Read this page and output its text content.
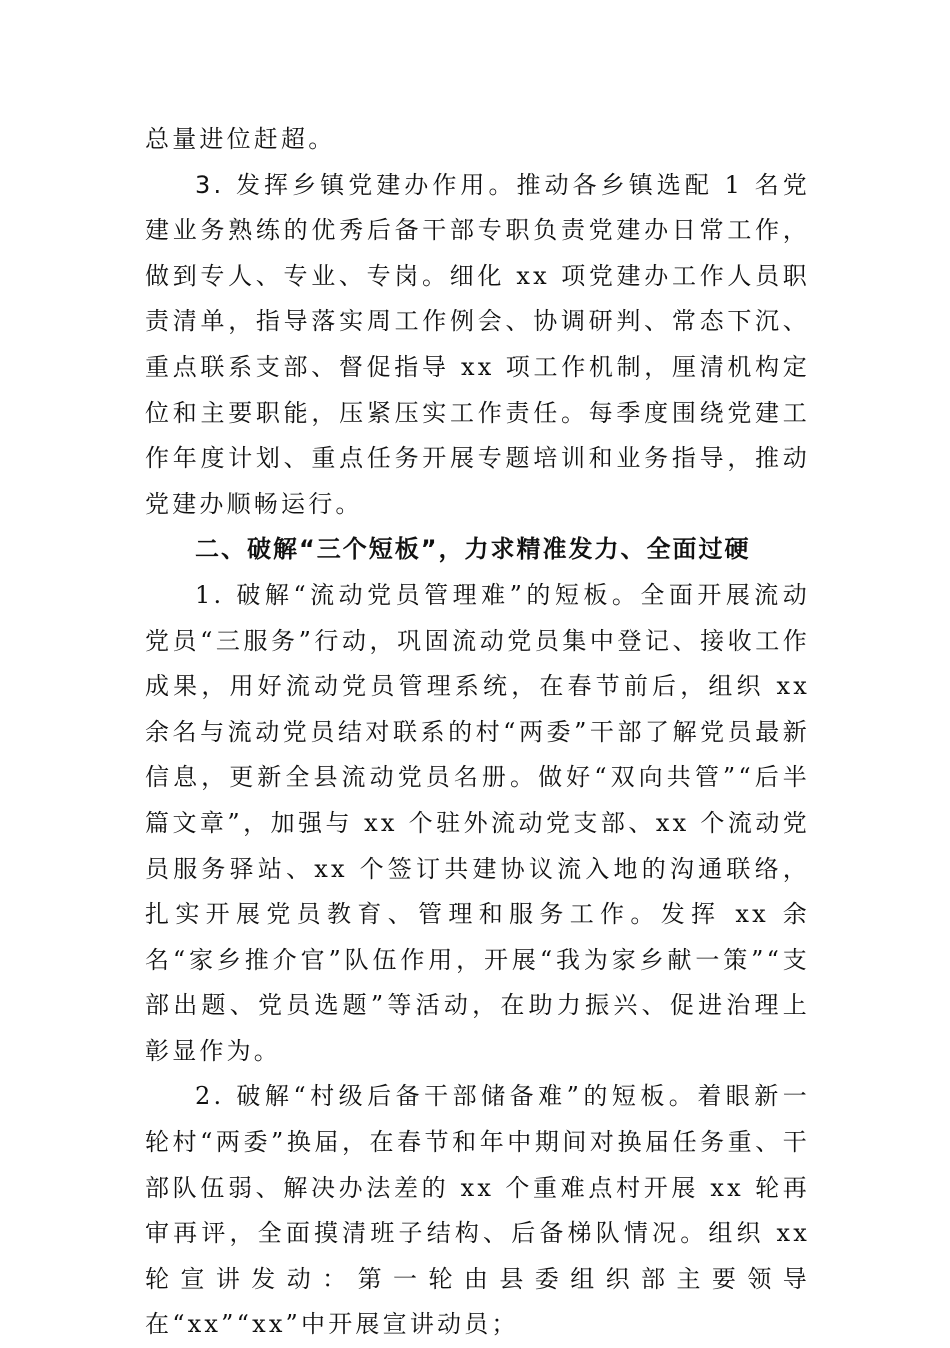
总量进位赶超。

3. 发挥乡镇党建办作用。推动各乡镇选配 1 名党建业务熟练的优秀后备干部专职负责党建办日常工作，做到专人、专业、专岗。细化 xx 项党建办工作人员职责清单，指导落实周工作例会、协调研判、常态下沉、重点联系支部、督促指导 xx 项工作机制，厘清机构定位和主要职能，压紧压实工作责任。每季度围绕党建工作年度计划、重点任务开展专题培训和业务指导，推动党建办顺畅运行。

二、破解“三个短板”，力求精准发力、全面过硬

1. 破解“流动党员管理难”的短板。全面开展流动党员“三服务”行动，巩固流动党员集中登记、接收工作成果，用好流动党员管理系统，在春节前后，组织 xx 余名与流动党员结对联系的村“两委”干部了解党员最新信息，更新全县流动党员名册。做好“双向共管”“后半篇文章”，加强与 xx 个驻外流动党支部、xx 个流动党员服务驿站、xx 个签订共建协议流入地的沟通联络，扎实开展党员教育、管理和服务工作。发挥 xx 余名“家乡推介官”队伍作用，开展“我为家乡献一策”“支部出题、党员选题”等活动，在助力振兴、促进治理上彰显作为。

2. 破解“村级后备干部储备难”的短板。着眼新一轮村“两委”换届，在春节和年中期间对换届任务重、干部队伍弱、解决办法差的 xx 个重难点村开展 xx 轮再审再评，全面摸清班子结构、后备梯队情况。组织 xx 轮宣讲发动：第一轮由县委组织部主要领导在“xx”“xx”中开展宣讲动员；
